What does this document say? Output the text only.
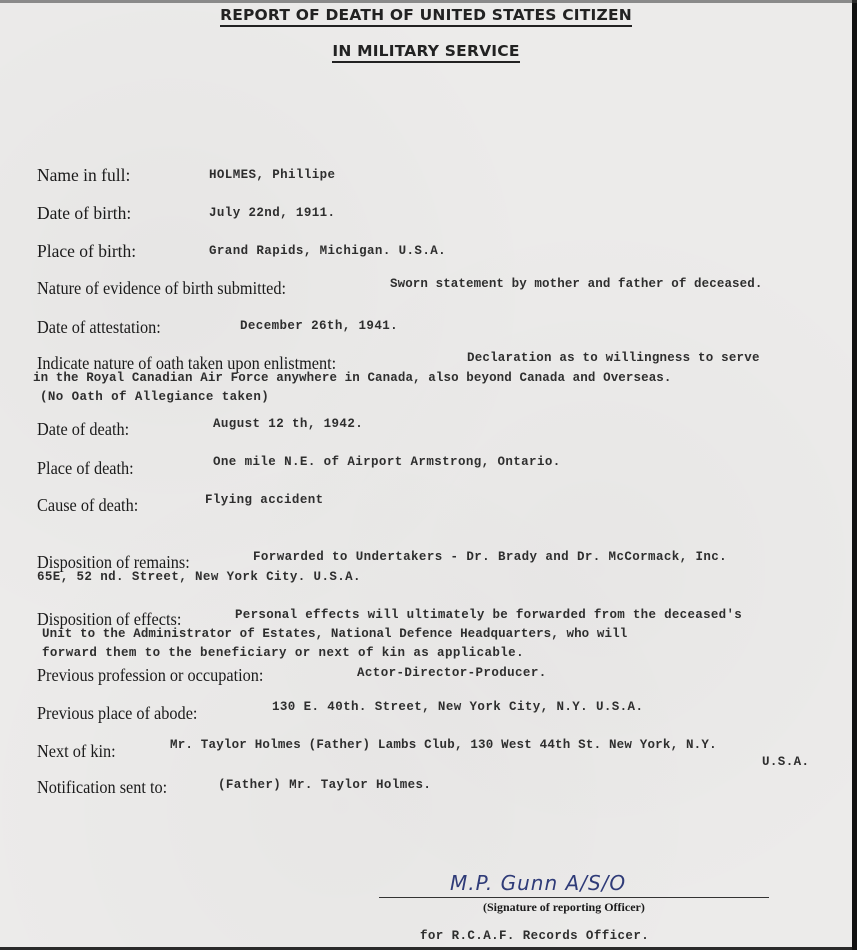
REPORT OF DEATH OF UNITED STATES CITIZEN
IN MILITARY SERVICE
Name in full:	HOLMES, Phillipe
Date of birth:	July 22nd, 1911.
Place of birth:	Grand Rapids, Michigan. U.S.A.
Nature of evidence of birth submitted:	Sworn statement by mother and father of deceased.
Date of attestation:	December 26th, 1941.
Indicate nature of oath taken upon enlistment:	Declaration as to willingness to serve
in the Royal Canadian Air Force anywhere in Canada, also beyond Canada and Overseas.
(No Oath of Allegiance taken)
Date of death:	August 12 th, 1942.
Place of death:	One mile N.E. of Airport Armstrong, Ontario.
Cause of death:	Flying accident
Disposition of remains:	Forwarded to Undertakers - Dr. Brady and Dr. McCormack, Inc.
65E, 52 nd. Street, New York City. U.S.A.
Disposition of effects:	Personal effects will ultimately be forwarded from the deceased's
Unit to the Administrator of Estates, National Defence Headquarters, who will
forward them to the beneficiary or next of kin as applicable.
Previous profession or occupation:	Actor-Director-Producer.
Previous place of abode:	130 E. 40th. Street, New York City, N.Y. U.S.A.
Next of kin:	Mr. Taylor Holmes (Father) Lambs Club, 130 West 44th St. New York, N.Y.
U.S.A.
Notification sent to:	(Father) Mr. Taylor Holmes.
M.P. Gunn A/S/O
(Signature of reporting Officer)
for R.C.A.F. Records Officer.
